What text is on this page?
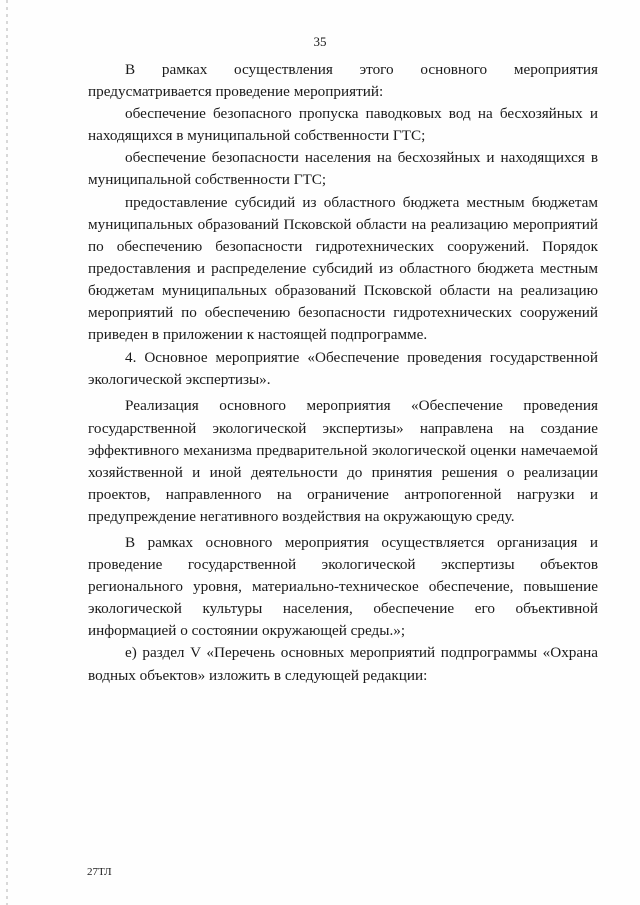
35

В рамках осуществления этого основного мероприятия предусматривается проведение мероприятий:

обеспечение безопасного пропуска паводковых вод на бесхозяйных и находящихся в муниципальной собственности ГТС;

обеспечение безопасности населения на бесхозяйных и находящихся в муниципальной собственности ГТС;

предоставление субсидий из областного бюджета местным бюджетам муниципальных образований Псковской области на реализацию мероприятий по обеспечению безопасности гидротехнических сооружений. Порядок предоставления и распределение субсидий из областного бюджета местным бюджетам муниципальных образований Псковской области на реализацию мероприятий по обеспечению безопасности гидротехнических сооружений приведен в приложении к настоящей подпрограмме.

4. Основное мероприятие «Обеспечение проведения государственной экологической экспертизы».

Реализация основного мероприятия «Обеспечение проведения государственной экологической экспертизы» направлена на создание эффективного механизма предварительной экологической оценки намечаемой хозяйственной и иной деятельности до принятия решения о реализации проектов, направленного на ограничение антропогенной нагрузки и предупреждение негативного воздействия на окружающую среду.

В рамках основного мероприятия осуществляется организация и проведение государственной экологической экспертизы объектов регионального уровня, материально-техническое обеспечение, повышение экологической культуры населения, обеспечение его объективной информацией о состоянии окружающей среды.»;

е) раздел V «Перечень основных мероприятий подпрограммы «Охрана водных объектов» изложить в следующей редакции:

27ТЛ
